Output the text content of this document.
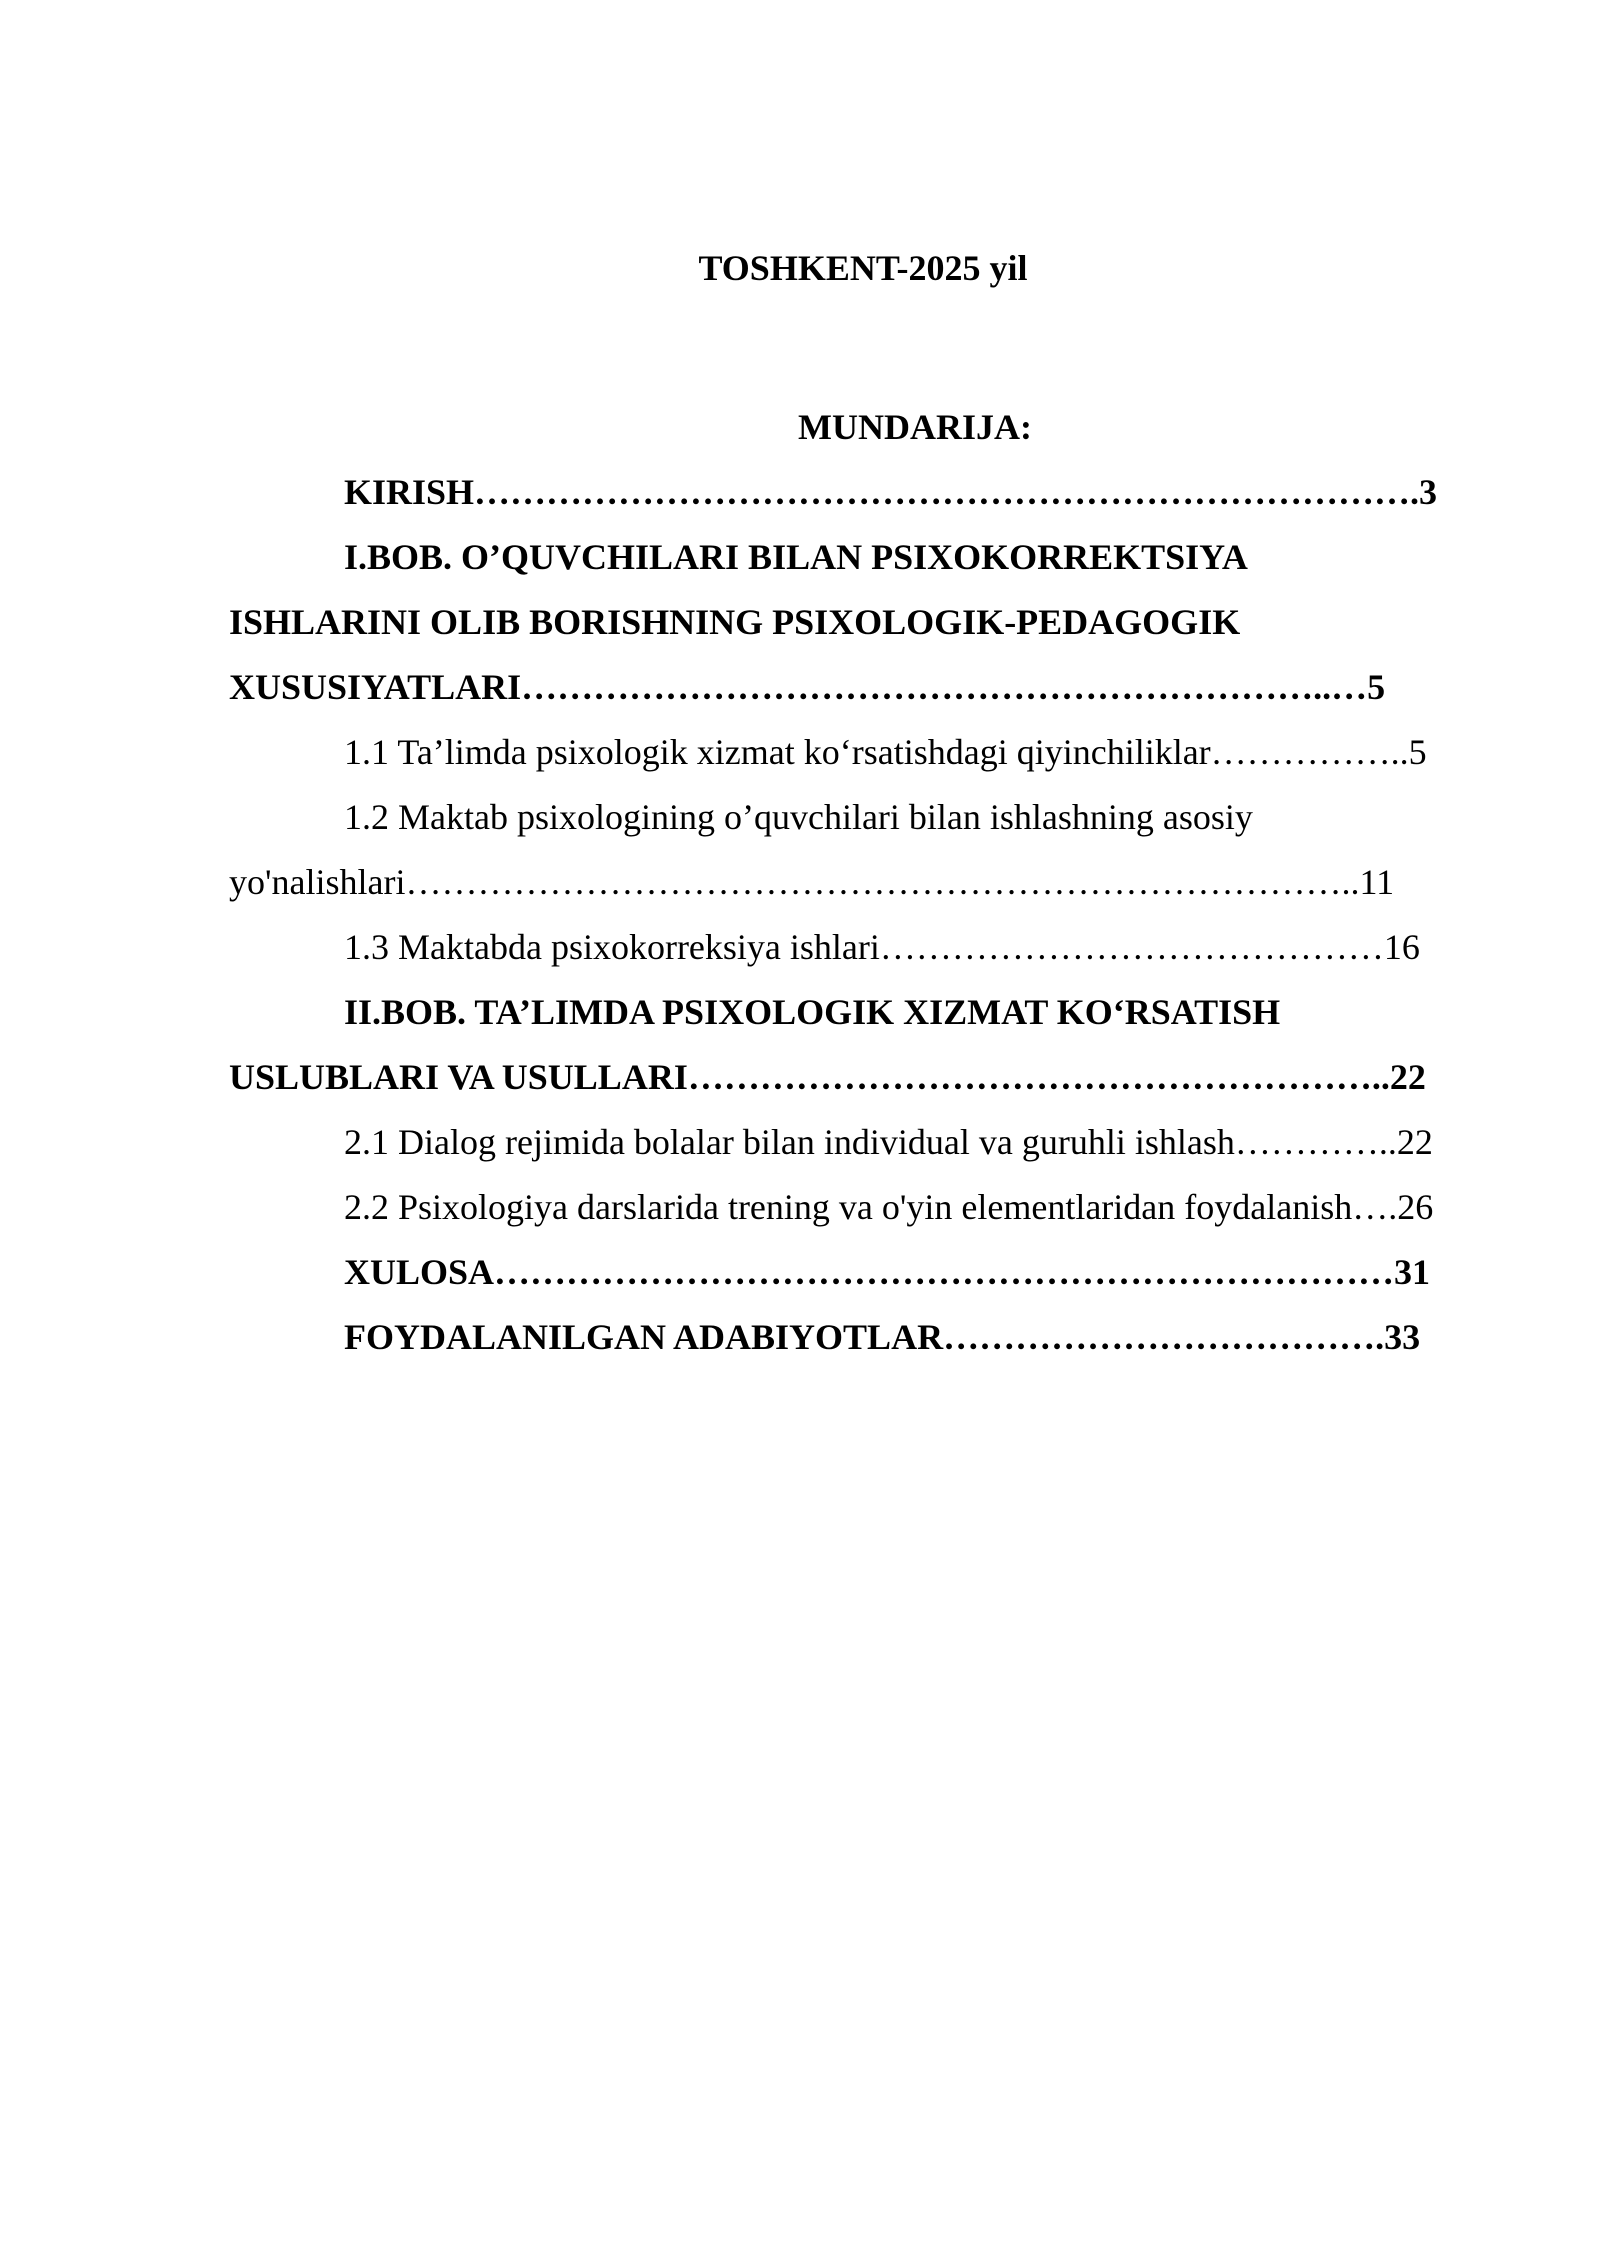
TOSHKENT-2025 yil
MUNDARIJA:
KIRISH…………………………………………………………………….3
I.BOB. O’QUVCHILARI BILAN PSIXOKORREKTSIYA
ISHLARINI OLIB BORISHNING PSIXOLOGIK-PEDAGOGIK
XUSUSIYATLARI…………………………………………………………..…5
1.1 Ta’limda psixologik xizmat koʻrsatishdagi qiyinchiliklar……………..5
1.2 Maktab psixologining o’quvchilari bilan ishlashning asosiy
yo'nalishlari……………………………………………………………………..11
1.3 Maktabda psixokorreksiya ishlari……………………………………16
II.BOB. TA’LIMDA PSIXOLOGIK XIZMAT KOʻRSATISH
USLUBLARI VA USULLARI…………………………………………………..22
2.1 Dialog rejimida bolalar bilan individual va guruhli ishlash…………..22
2.2 Psixologiya darslarida trening va o'yin elementlaridan foydalanish….26
XULOSA…………………………………………………………………31
FOYDALANILGAN ADABIYOTLAR……………………………….33
